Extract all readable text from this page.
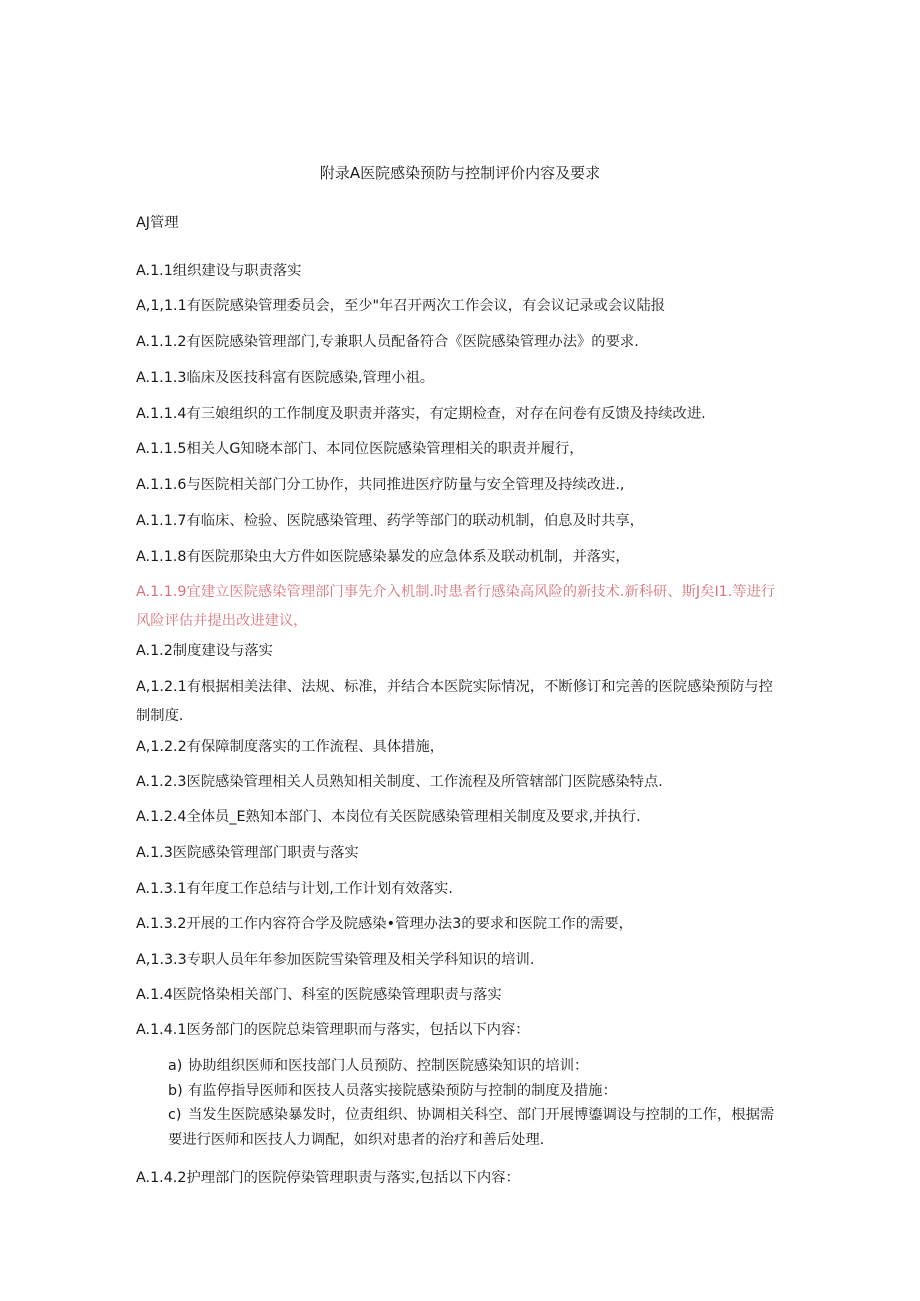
附录A医院感染预防与控制评价内容及要求
AJ管理
A.1.1组织建设与职责落实
A,1,1.1有医院感染管理委员会，至少"年召开两次工作会议，有会议记录或会议陆报
A.1.1.2有医院感染管理部门,专兼职人员配备符合《医院感染管理办法》的要求.
A.1.1.3临床及医技科富有医院感染,管理小祖。
A.1.1.4有三娘组织的工作制度及职责并落实，有定期检查，对存在问卷有反馈及持续改进.
A.1.1.5相关人G知晓本部门、本同位医院感染管理相关的职责并履行，
A.1.1.6与医院相关部门分工协作，共同推进医疗防量与安全管理及持续改进.,
A.1.1.7有临床、检验、医院感染管理、药学等部门的联动机制，伯息及时共享，
A.1.1.8有医院那染虫大方件如医院感染暴发的应急体系及联动机制，并落实，
A.1.1.9宜建立医院感染管理部门事先介入机制.时患者行感染高风险的新技术.新科研、斯J矣I1.等进行风险评估并提出改进建议，
A.1.2制度建设与落实
A,1.2.1有根据相美法律、法规、标准，并结合本医院实际情况，不断修订和完善的医院感染预防与控制制度.
A,1.2.2有保障制度落实的工作流程、具体措施，
A.1.2.3医院感染管理相关人员熟知相关制度、工作流程及所管辖部门医院感染特点.
A.1.2.4全体员_E熟知本部门、本岗位有关医院感染管理相关制度及要求,并执行.
A.1.3医院感染管理部门职责与落实
A.1.3.1有年度工作总结与计划,工作计划有效落实.
A.1.3.2开展的工作内容符合学及院感染•管理办法3的要求和医院工作的需要，
A,1.3.3专职人员年年参加医院雪染管理及相关学科知识的培训.
A.1.4医院恪染相关部门、科室的医院感染管理职责与落实
A.1.4.1医务部门的医院总柒管理职而与落实，包括以下内容：
a) 协助组织医师和医技部门人员预防、控制医院感染知识的培训：
b) 有监停指导医师和医技人员落实接院感染预防与控制的制度及措施：
c) 当发生医院感染暴发时，位责组织、协调相关科空、部门开展博鎏调设与控制的工作，根据需要进行医师和医技人力调配，如织对患者的治疗和善后处理.
A.1.4.2护理部门的医院停染管理职责与落实,包括以下内容：
